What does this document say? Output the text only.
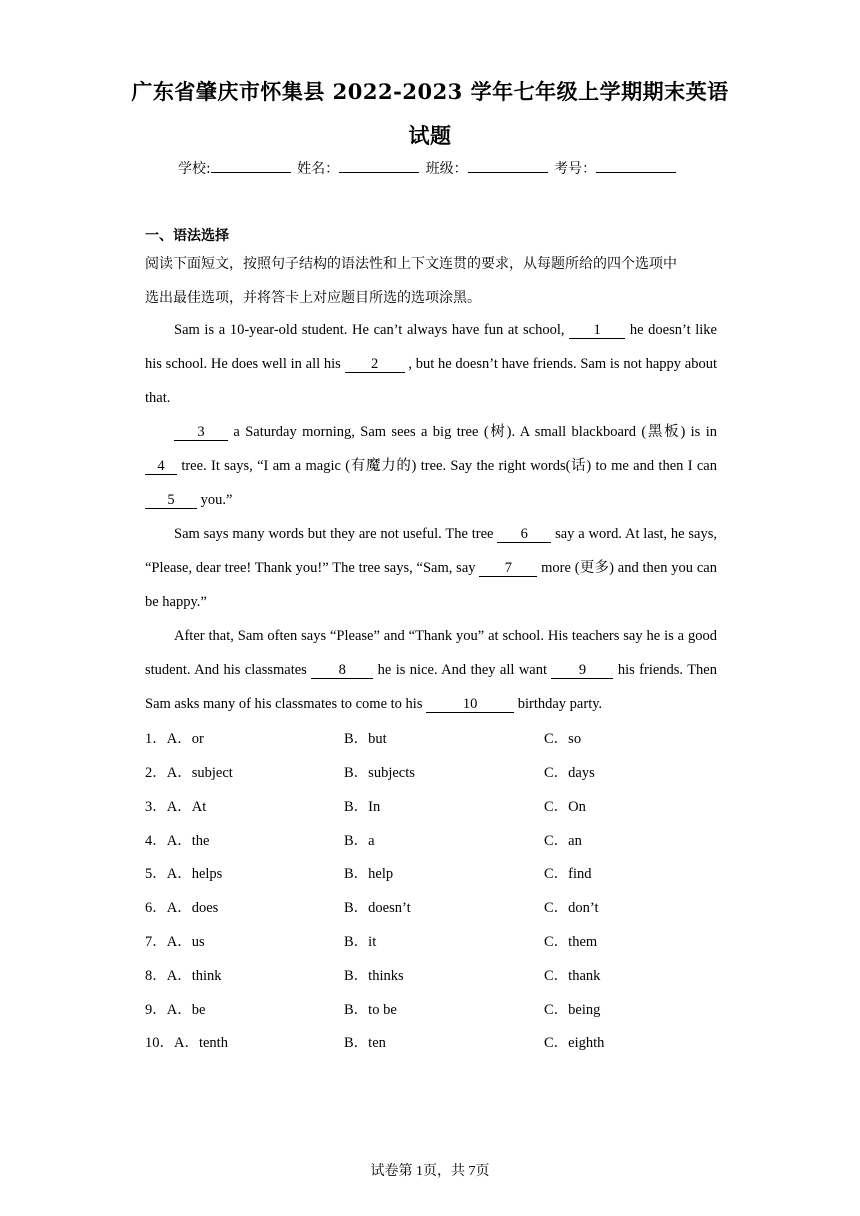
广东省肇庆市怀集县 2022-2023 学年七年级上学期期末英语
试题
学校:	姓名：	班级：	考号：
一、语法选择
阅读下面短文，按照句子结构的语法性和上下文连贯的要求，从每题所给的四个选项中
选出最佳选项，并将答卡上对应题目所选的选项涂黑。

Sam is a 10-year-old student. He can’t always have fun at school, 1 he doesn’t like his school. He does well in all his 2 , but he doesn’t have friends. Sam is not happy about that.

3 a Saturday morning, Sam sees a big tree (树). A small blackboard (黑板) is in 4 tree. It says, “I am a magic (有魔力的) tree. Say the right words(话) to me and then I can 5 you.”

Sam says many words but they are not useful. The tree 6 say a word. At last, he says, “Please, dear tree! Thank you!” The tree says, “Sam, say 7 more (更多) and then you can be happy.”

After that, Sam often says “Please” and “Thank you” at school. His teachers say he is a good student. And his classmates 8 he is nice. And they all want 9 his friends. Then Sam asks many of his classmates to come to his	10	birthday party.

1．A．or	B．but	C．so
2．A．subject	B．subjects	C．days
3．A．At	B．In	C．On
4．A．the	B．a	C．an
5．A．helps	B．help	C．find
6．A．does	B．doesn’t	C．don’t
7．A．us	B．it	C．them
8．A．think	B．thinks	C．thank
9．A．be	B．to be	C．being
10．A．tenth	B．ten	C．eighth
试卷第 1页，共 7页
